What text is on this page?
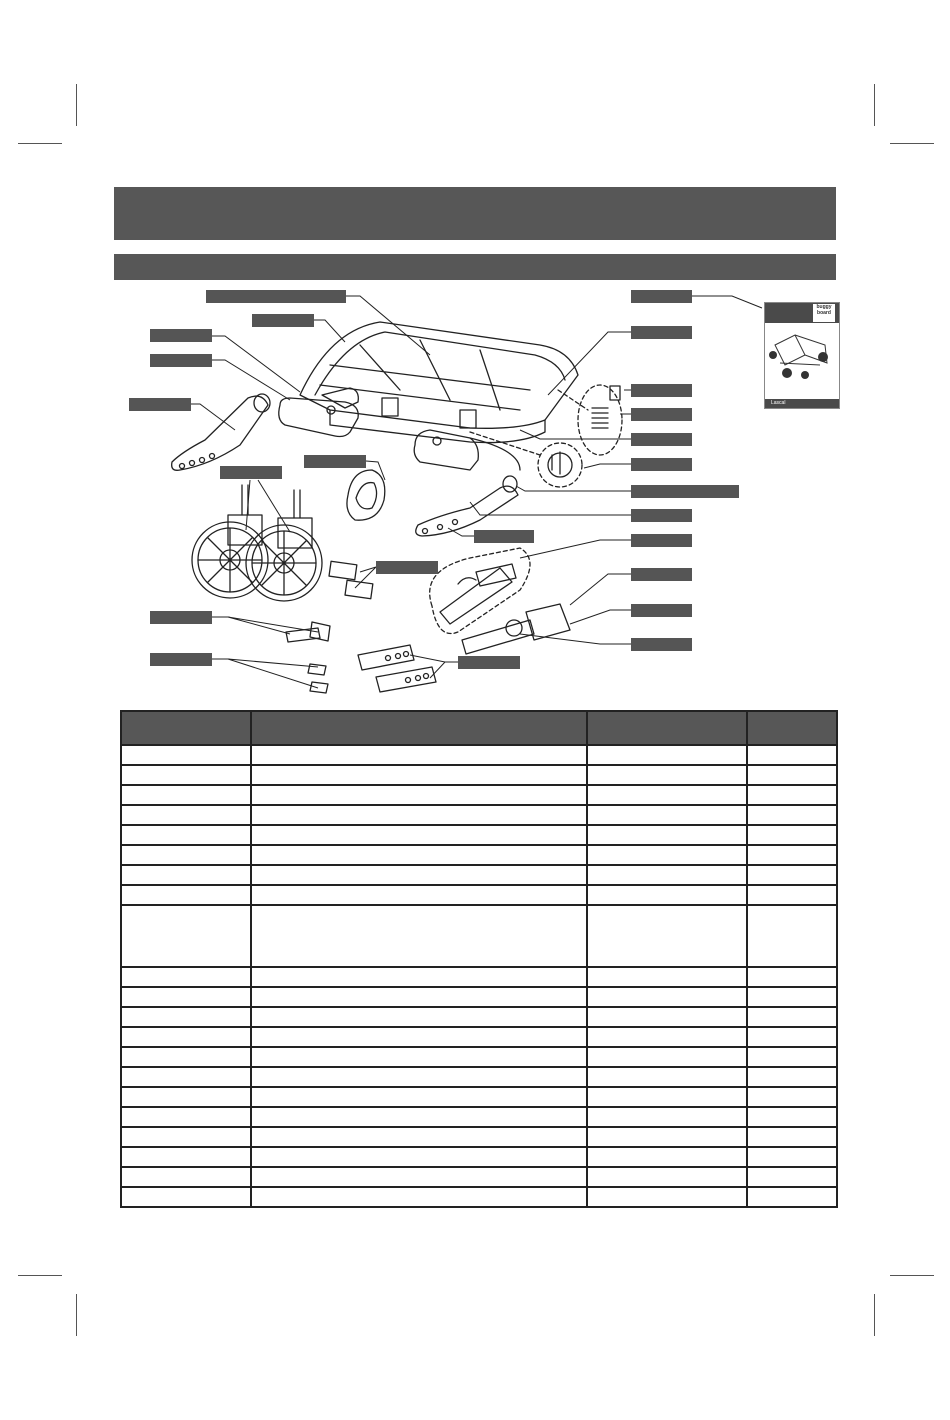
buggy board
Lascal
